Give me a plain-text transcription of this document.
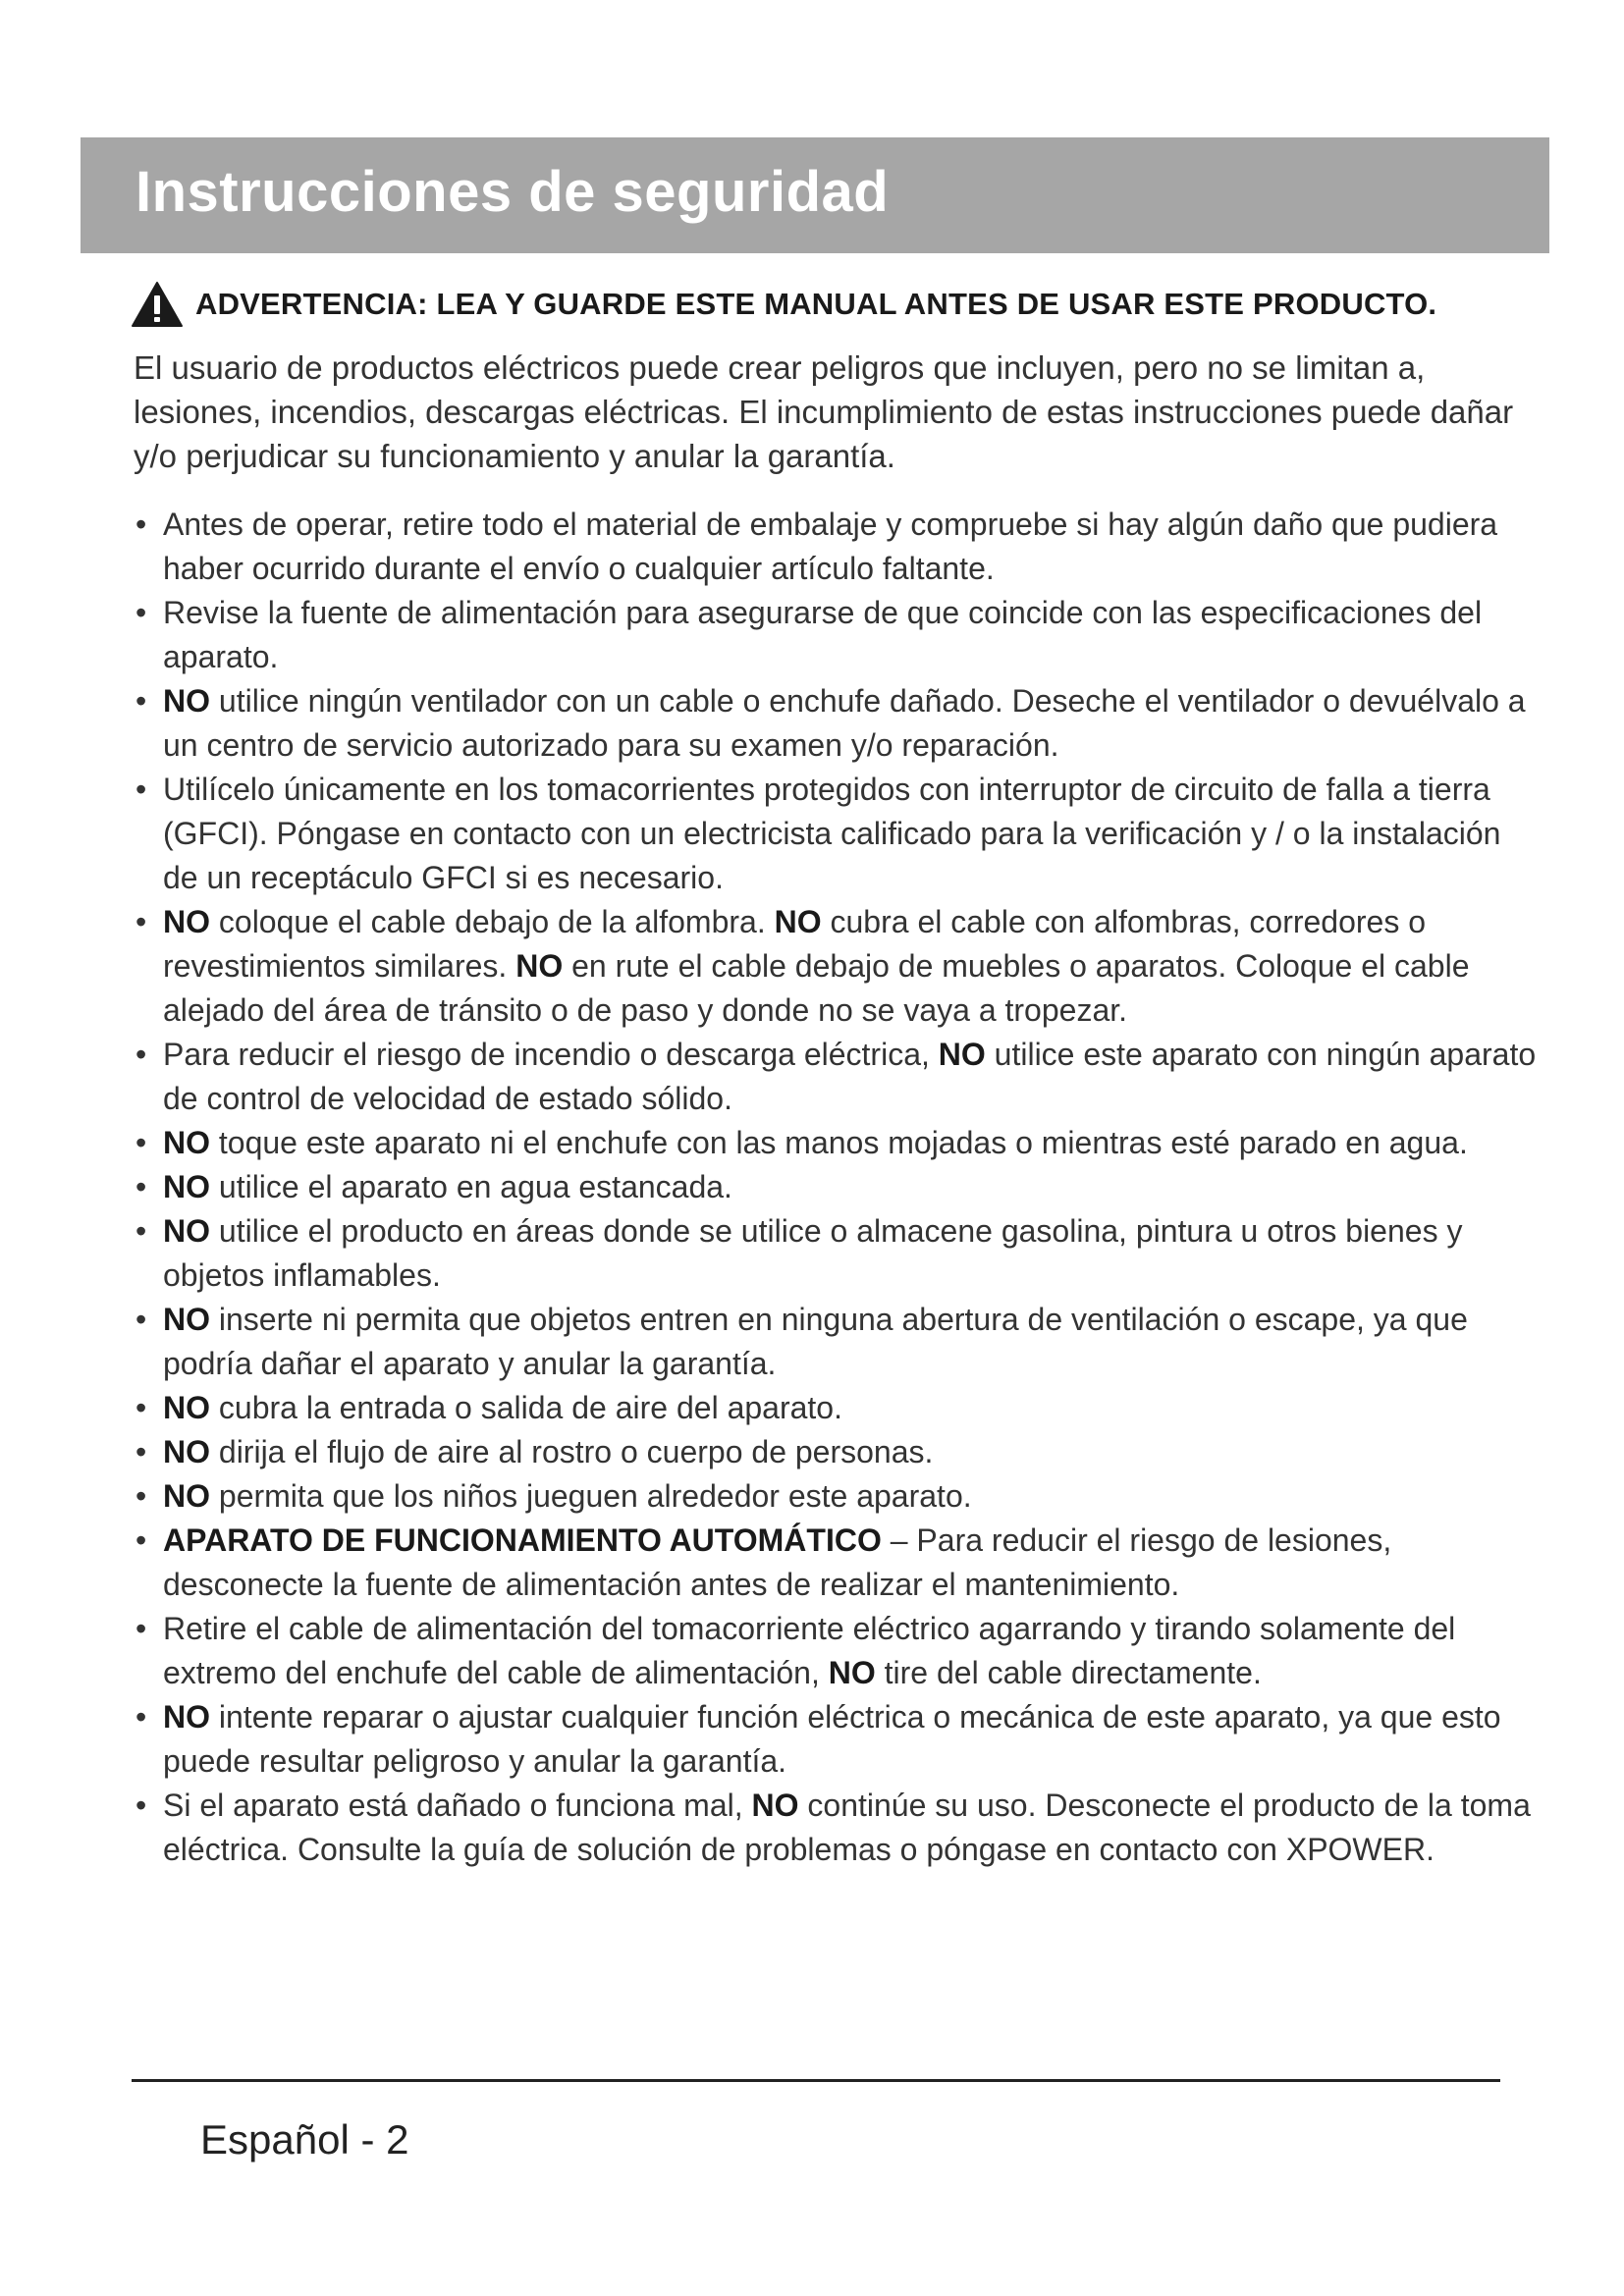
Instrucciones de seguridad
ADVERTENCIA: LEA Y GUARDE ESTE MANUAL ANTES DE USAR ESTE PRODUCTO.

El usuario de productos eléctricos puede crear peligros que incluyen, pero no se limitan a, lesiones, incendios, descargas eléctricas. El incumplimiento de estas instrucciones puede dañar y/o perjudicar su funcionamiento y anular la garantía.

• Antes de operar, retire todo el material de embalaje y compruebe si hay algún daño que pudiera haber ocurrido durante el envío o cualquier artículo faltante.
• Revise la fuente de alimentación para asegurarse de que coincide con las especificaciones del aparato.
• NO utilice ningún ventilador con un cable o enchufe dañado. Deseche el ventilador o devuélvalo a un centro de servicio autorizado para su examen y/o reparación.
• Utilícelo únicamente en los tomacorrientes protegidos con interruptor de circuito de falla a tierra (GFCI). Póngase en contacto con un electricista calificado para la verificación y / o la instalación de un receptáculo GFCI si es necesario.
• NO coloque el cable debajo de la alfombra. NO cubra el cable con alfombras, corredores o revestimientos similares. NO en rute el cable debajo de muebles o aparatos. Coloque el cable alejado del área de tránsito o de paso y donde no se vaya a tropezar.
• Para reducir el riesgo de incendio o descarga eléctrica, NO utilice este aparato con ningún aparato de control de velocidad de estado sólido.
• NO toque este aparato ni el enchufe con las manos mojadas o mientras esté parado en agua.
• NO utilice el aparato en agua estancada.
• NO utilice el producto en áreas donde se utilice o almacene gasolina, pintura u otros bienes y objetos inflamables.
• NO inserte ni permita que objetos entren en ninguna abertura de ventilación o escape, ya que podría dañar el aparato y anular la garantía.
• NO cubra la entrada o salida de aire del aparato.
• NO dirija el flujo de aire al rostro o cuerpo de personas.
• NO permita que los niños jueguen alrededor este aparato.
• APARATO DE FUNCIONAMIENTO AUTOMÁTICO – Para reducir el riesgo de lesiones, desconecte la fuente de alimentación antes de realizar el mantenimiento.
• Retire el cable de alimentación del tomacorriente eléctrico agarrando y tirando solamente del extremo del enchufe del cable de alimentación, NO tire del cable directamente.
• NO intente reparar o ajustar cualquier función eléctrica o mecánica de este aparato, ya que esto puede resultar peligroso y anular la garantía.
• Si el aparato está dañado o funciona mal, NO continúe su uso. Desconecte el producto de la toma eléctrica. Consulte la guía de solución de problemas o póngase en contacto con XPOWER.
Español - 2
